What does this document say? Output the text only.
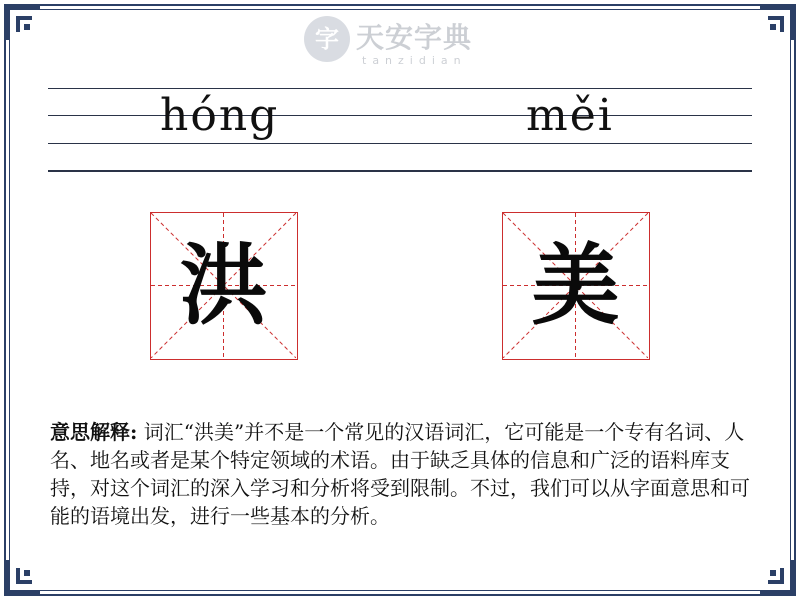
字 天安字典
tanzidian
hóng	měi
洪	美
意思解释: 词汇“洪美”并不是一个常见的汉语词汇，它可能是一个专有名词、人名、地名或者是某个特定领域的术语。由于缺乏具体的信息和广泛的语料库支持，对这个词汇的深入学习和分析将受到限制。不过，我们可以从字面意思和可能的语境出发，进行一些基本的分析。
